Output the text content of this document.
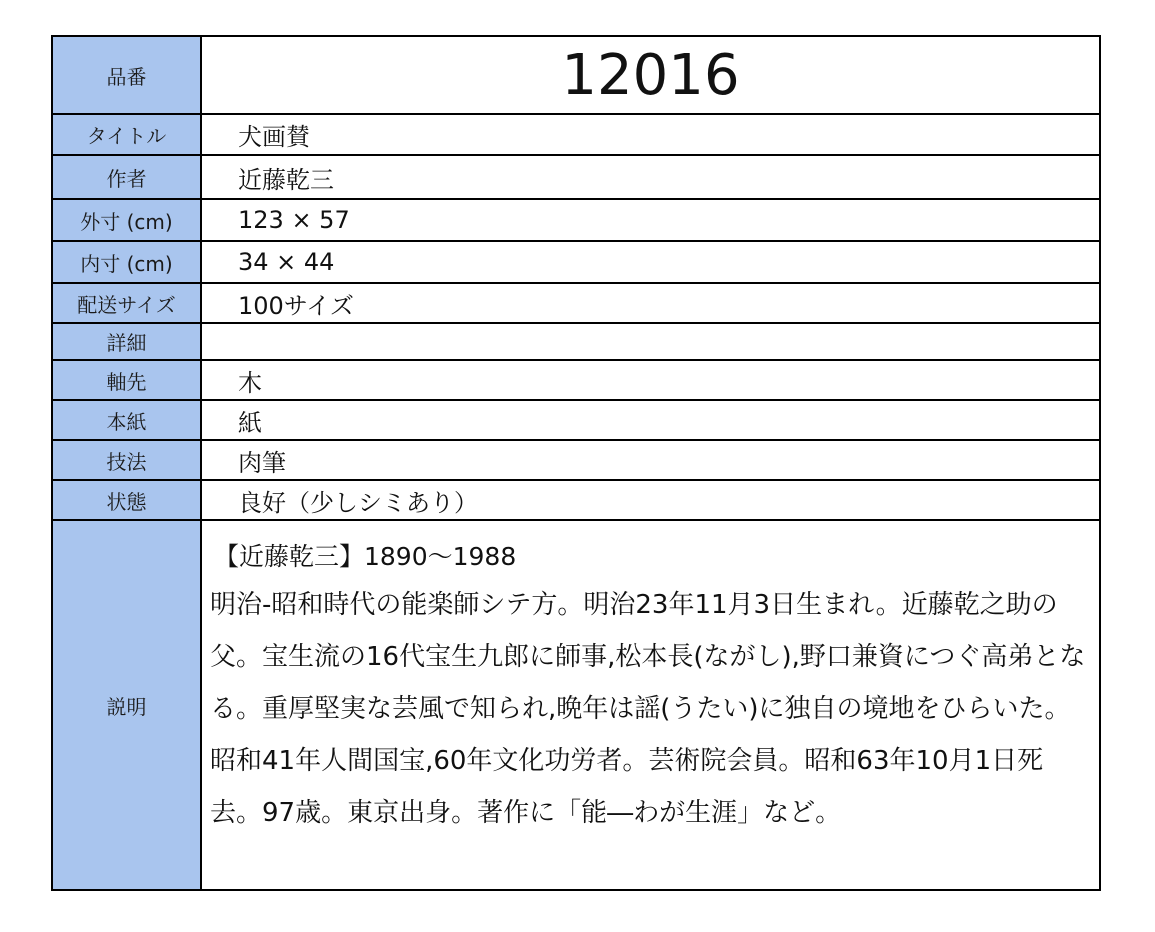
品番	12016
タイトル	犬画賛
作者	近藤乾三
外寸 (cm)	123 × 57
内寸 (cm)	34 × 44
配送サイズ	100サイズ
詳細	
軸先	木
本紙	紙
技法	肉筆
状態	良好（少しシミあり）
説明	【近藤乾三】1890～1988
明治-昭和時代の能楽師シテ方。明治23年11月3日生まれ。近藤乾之助の父。宝生流の16代宝生九郎に師事,松本長(ながし),野口兼資につぐ高弟となる。重厚堅実な芸風で知られ,晩年は謡(うたい)に独自の境地をひらいた。昭和41年人間国宝,60年文化功労者。芸術院会員。昭和63年10月1日死去。97歳。東京出身。著作に「能―わが生涯」など。
